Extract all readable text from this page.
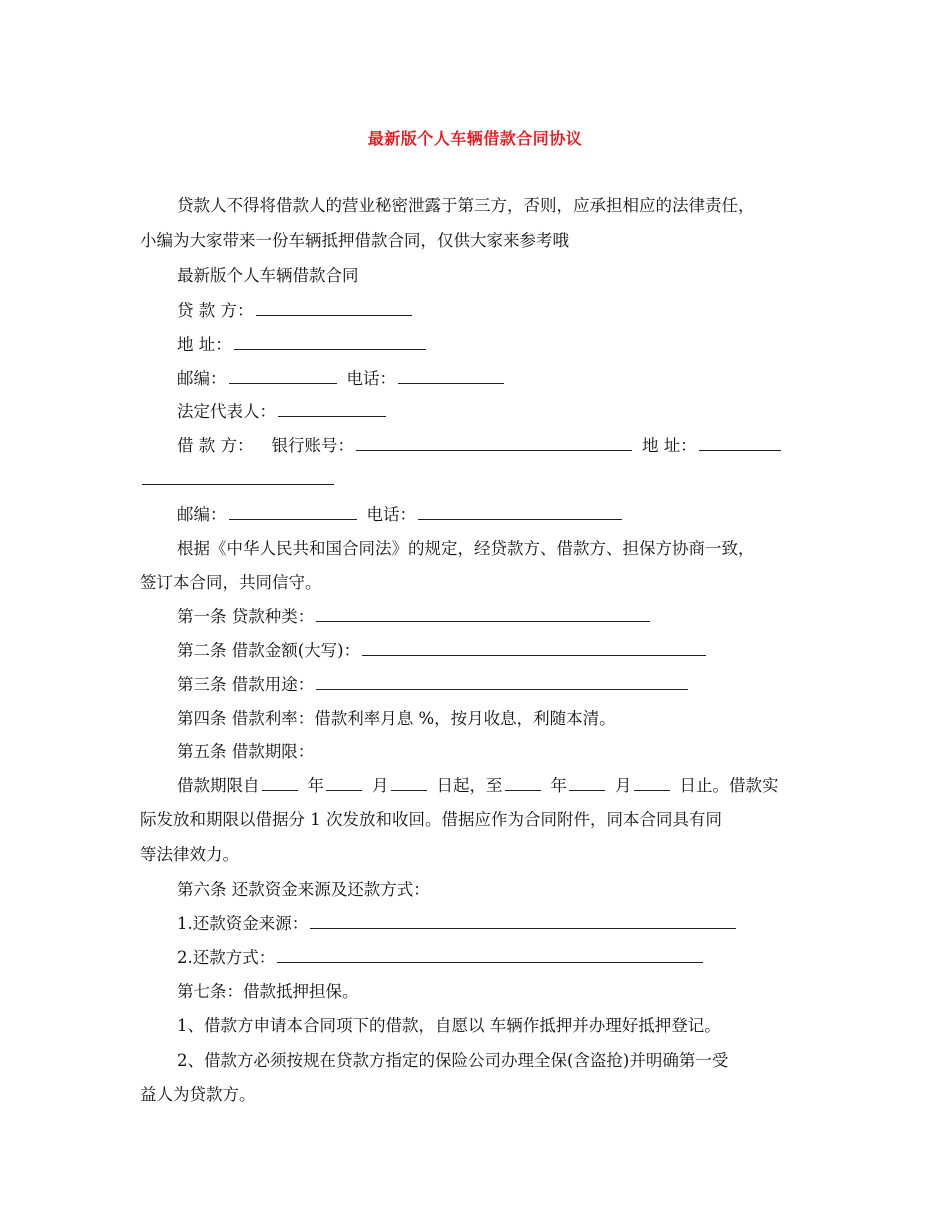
最新版个人车辆借款合同协议
贷款人不得将借款人的营业秘密泄露于第三方，否则，应承担相应的法律责任，
小编为大家带来一份车辆抵押借款合同，仅供大家来参考哦
最新版个人车辆借款合同
贷 款 方：
地 址：
邮编：	电话：
法定代表人：
借 款 方： 银行账号：	地 址：
邮编：	电话：
根据《中华人民共和国合同法》的规定，经贷款方、借款方、担保方协商一致，
签订本合同，共同信守。
第一条 贷款种类：
第二条 借款金额(大写)：
第三条 借款用途：
第四条 借款利率：借款利率月息 %，按月收息，利随本清。
第五条 借款期限：
借款期限自	年	月	日起，至	年	月	日止。借款实
际发放和期限以借据分 1 次发放和收回。借据应作为合同附件，同本合同具有同
等法律效力。
第六条 还款资金来源及还款方式：
1.还款资金来源：
2.还款方式：
第七条：借款抵押担保。
1、借款方申请本合同项下的借款，自愿以 车辆作抵押并办理好抵押登记。
2、借款方必须按规在贷款方指定的保险公司办理全保(含盗抢)并明确第一受
益人为贷款方。
